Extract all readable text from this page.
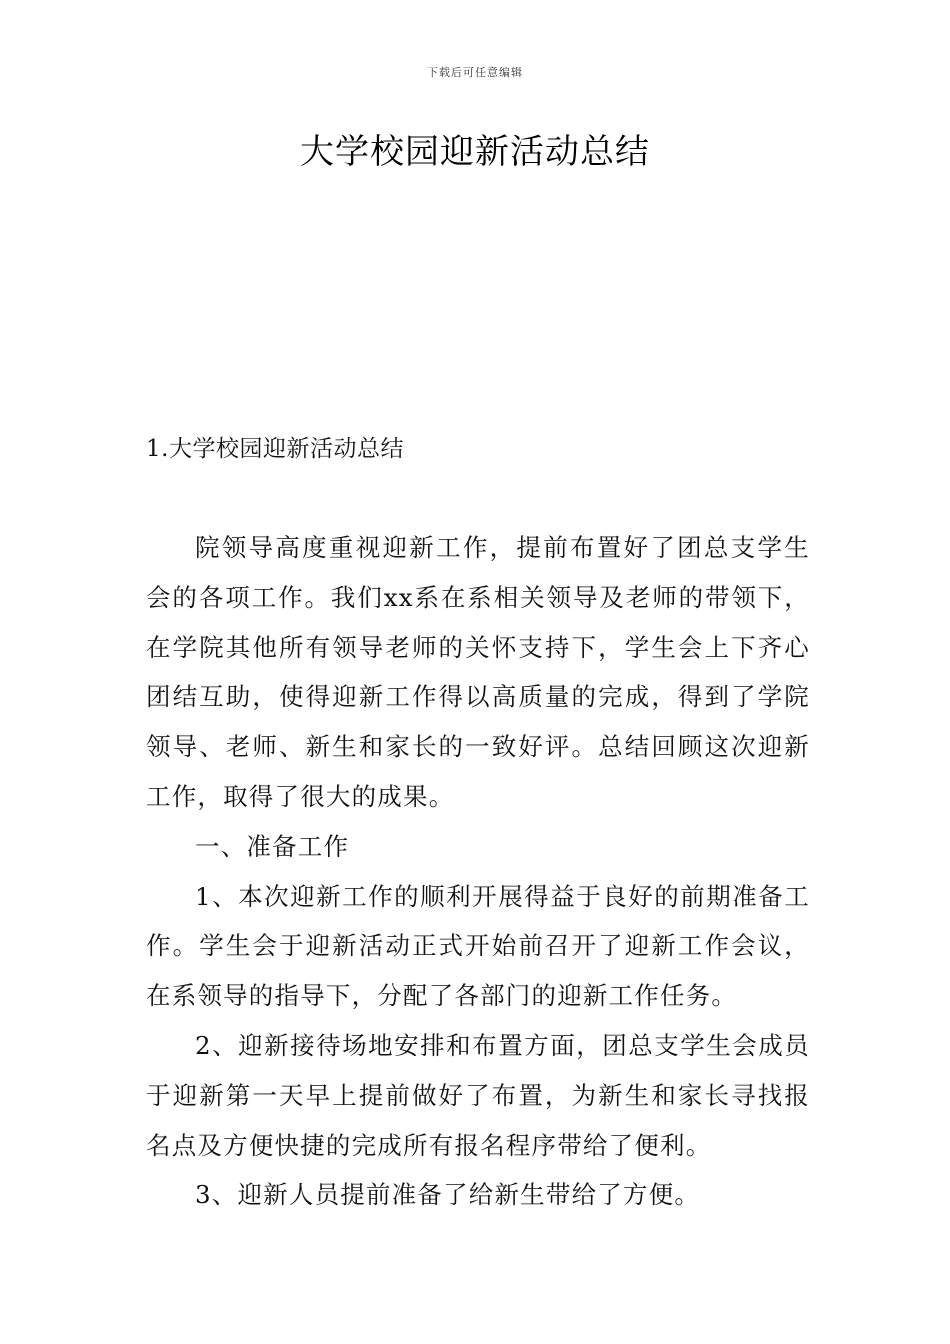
下载后可任意编辑
大学校园迎新活动总结
1.大学校园迎新活动总结

院领导高度重视迎新工作，提前布置好了团总支学生会的各项工作。我们xx系在系相关领导及老师的带领下，在学院其他所有领导老师的关怀支持下，学生会上下齐心团结互助，使得迎新工作得以高质量的完成，得到了学院领导、老师、新生和家长的一致好评。总结回顾这次迎新工作，取得了很大的成果。

一、准备工作

1、本次迎新工作的顺利开展得益于良好的前期准备工作。学生会于迎新活动正式开始前召开了迎新工作会议，在系领导的指导下，分配了各部门的迎新工作任务。

2、迎新接待场地安排和布置方面，团总支学生会成员于迎新第一天早上提前做好了布置，为新生和家长寻找报名点及方便快捷的完成所有报名程序带给了便利。

3、迎新人员提前准备了给新生带给了方便。
